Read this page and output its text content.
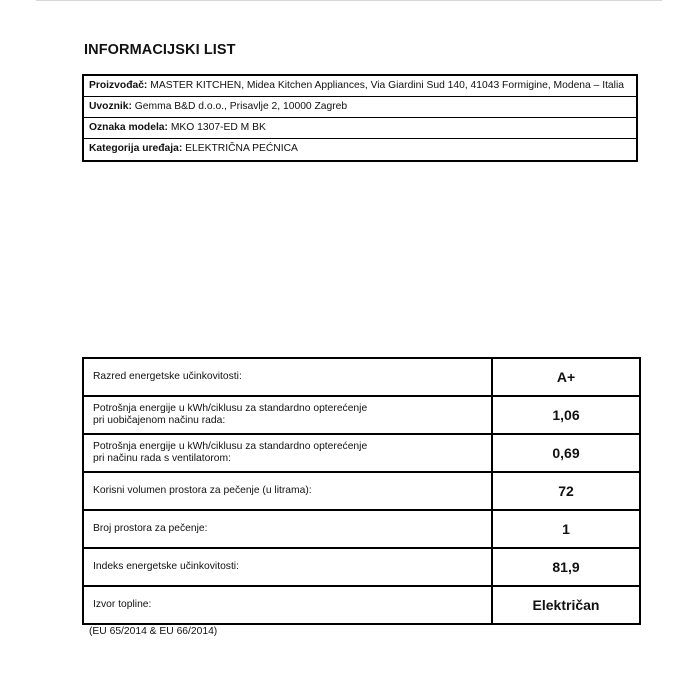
INFORMACIJSKI LIST
Proizvođač: MASTER KITCHEN, Midea Kitchen Appliances, Via Giardini Sud 140, 41043 Formigine, Modena – Italia
Uvoznik: Gemma B&D d.o.o., Prisavlje 2, 10000 Zagreb
Oznaka modela: MKO 1307-ED M BK
Kategorija uređaja: ELEKTRIČNA PEĆNICA
Razred energetske učinkovitosti:	A+

Potrošnja energije u kWh/ciklusu za standardno opterećenje
pri uobičajenom načinu rada:	1,06

Potrošnja energije u kWh/ciklusu za standardno opterećenje
pri načinu rada s ventilatorom:	0,69

Korisni volumen prostora za pečenje (u litrama):	72

Broj prostora za pečenje:	1

Indeks energetske učinkovitosti:	81,9

Izvor topline:	Električan
(EU 65/2014 & EU 66/2014)
